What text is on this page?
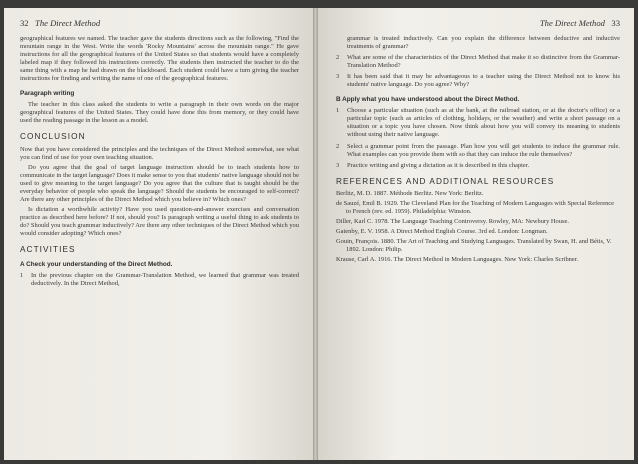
32 The Direct Method

geographical features we named. The teacher gave the students directions such as the following, "Find the mountain range in the West. Write the words 'Rocky Mountains' across the mountain range." He gave instructions for all the geographical features of the United States so that students would have a completely labeled map if they followed his instructions correctly. The students then instructed the teacher to do the same thing with a map he had drawn on the blackboard. Each student could have a turn giving the teacher instructions for finding and writing the name of one of the geographical features.

Paragraph writing

The teacher in this class asked the students to write a paragraph in their own words on the major geographical features of the United States. They could have done this from memory, or they could have used the reading passage in the lesson as a model.

CONCLUSION

Now that you have considered the principles and the techniques of the Direct Method somewhat, see what you can find of use for your own teaching situation.

Do you agree that the goal of target language instruction should be to teach students how to communicate in the target language? Does it make sense to you that students' native language should not be used to give meaning to the target language? Do you agree that the culture that is taught should be the everyday behavior of people who speak the language? Should the students be encouraged to self-correct? Are there any other principles of the Direct Method which you believe in? Which ones?

Is dictation a worthwhile activity? Have you used question-and-answer exercises and conversation practice as described here before? If not, should you? Is paragraph writing a useful thing to ask students to do? Should you teach grammar inductively? Are there any other techniques of the Direct Method which you would consider adopting? Which ones?

ACTIVITIES
A Check your understanding of the Direct Method.
1	In the previous chapter on the Grammar-Translation Method, we learned that grammar was treated deductively. In the Direct Method,
The Direct Method 33
grammar is treated inductively. Can you explain the difference between deductive and inductive treatments of grammar?
2	What are some of the characteristics of the Direct Method that make it so distinctive from the Grammar-Translation Method?
3	It has been said that it may be advantageous to a teacher using the Direct Method not to know his students' native language. Do you agree? Why?
B Apply what you have understood about the Direct Method.
1	Choose a particular situation (such as at the bank, at the railroad station, or at the doctor's office) or a particular topic (such as articles of clothing, holidays, or the weather) and write a short passage on a situation or a topic you have chosen. Now think about how you will convey its meaning to students without using their native language.
2	Select a grammar point from the passage. Plan how you will get students to induce the grammar rule. What examples can you provide them with so that they can induce the rule themselves?
3	Practice writing and giving a dictation as it is described in this chapter.
REFERENCES AND ADDITIONAL RESOURCES

Berlitz, M. D. 1887. Méthode Berlitz. New York: Berlitz.

de Sauzé, Emil B. 1929. The Cleveland Plan for the Teaching of Modern Languages with Special Reference to French (rev. ed. 1959). Philadelphia: Winston.

Diller, Karl C. 1978. The Language Teaching Controversy. Rowley, MA: Newbury House.

Gatenby, E. V. 1958. A Direct Method English Course. 3rd ed. London: Longman.

Gouin, François. 1880. The Art of Teaching and Studying Languages. Translated by Swan, H. and Bétis, V. 1892. London: Philip.

Krause, Carl A. 1916. The Direct Method in Modern Languages. New York: Charles Scribner.
